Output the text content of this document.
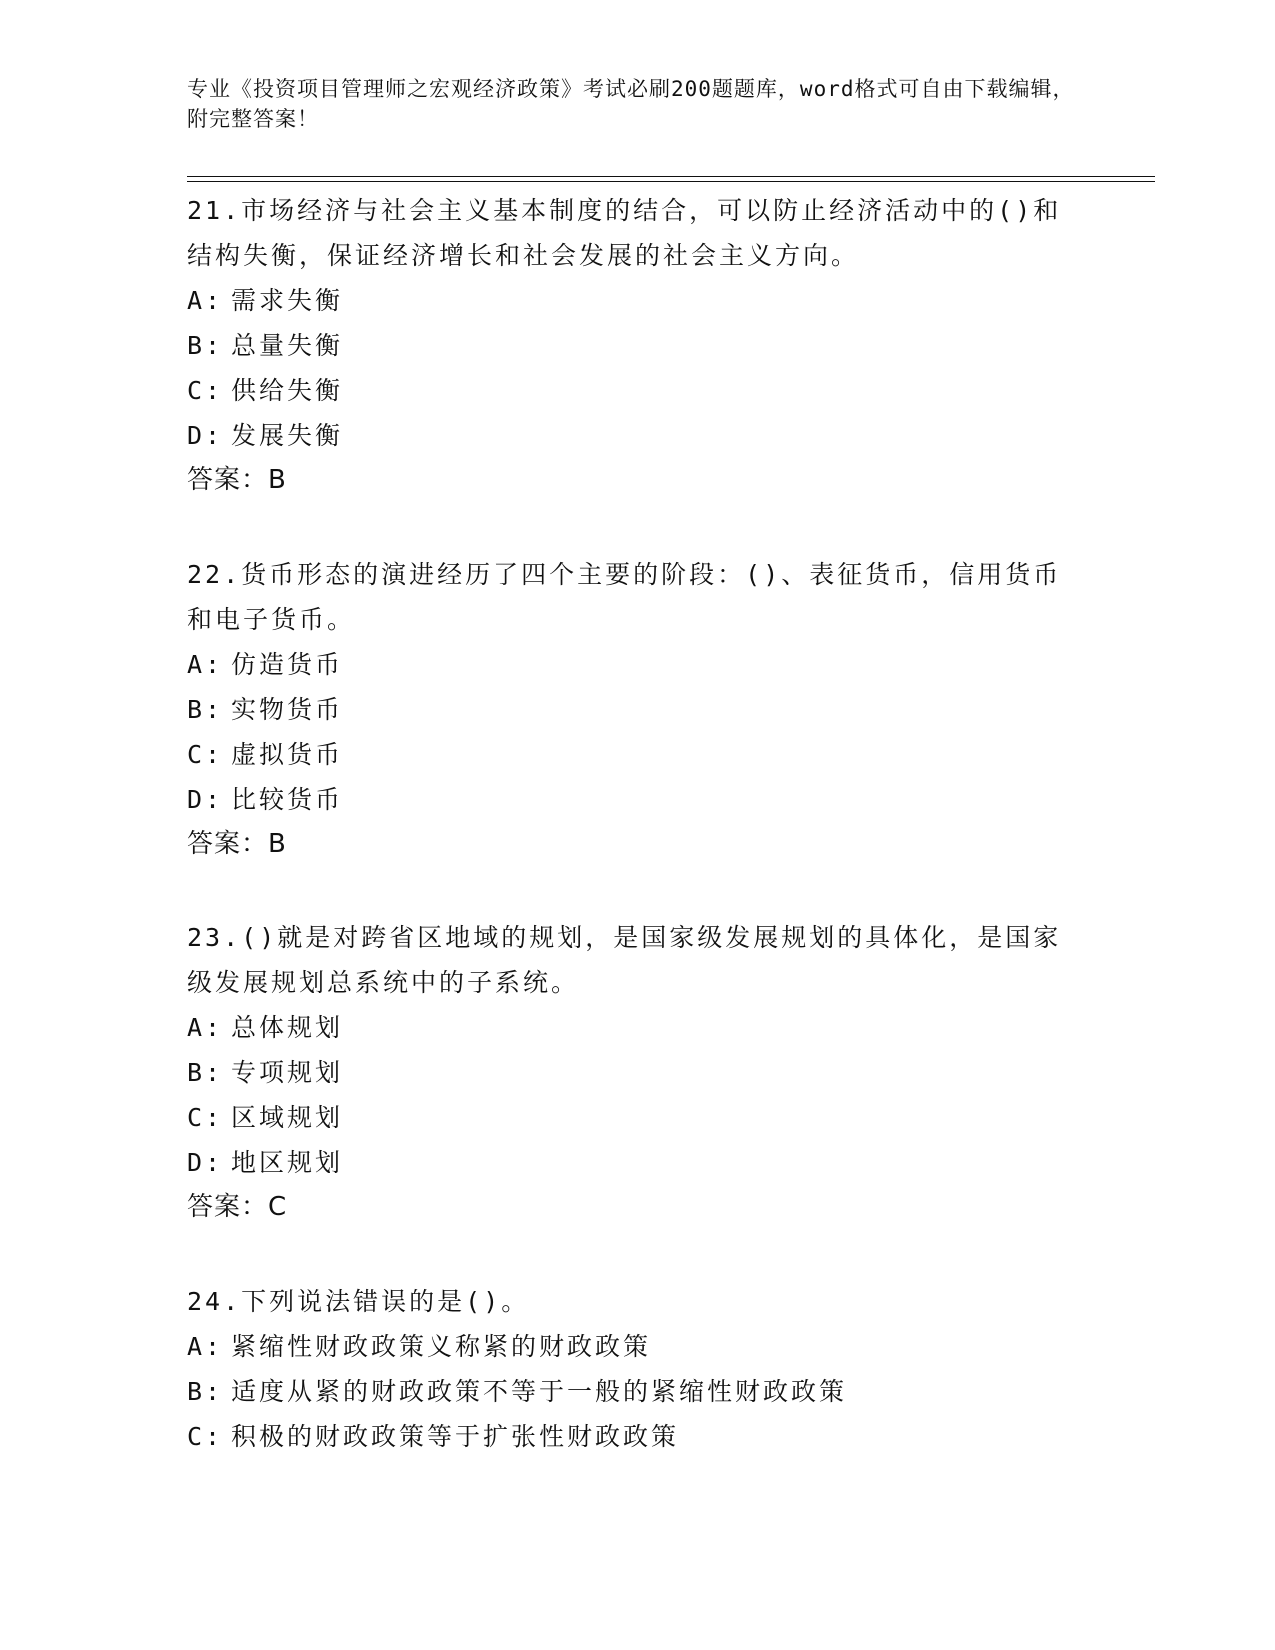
专业《投资项目管理师之宏观经济政策》考试必刷200题题库，word格式可自由下载编辑，附完整答案！

21.市场经济与社会主义基本制度的结合，可以防止经济活动中的()和结构失衡，保证经济增长和社会发展的社会主义方向。

A: 需求失衡

B: 总量失衡

C: 供给失衡

D: 发展失衡

答案：B

22.货币形态的演进经历了四个主要的阶段：()、表征货币，信用货币和电子货币。

A: 仿造货币

B: 实物货币

C: 虚拟货币

D: 比较货币

答案：B

23.()就是对跨省区地域的规划，是国家级发展规划的具体化，是国家级发展规划总系统中的子系统。

A: 总体规划

B: 专项规划

C: 区域规划

D: 地区规划

答案：C

24.下列说法错误的是()。

A: 紧缩性财政政策义称紧的财政政策

B: 适度从紧的财政政策不等于一般的紧缩性财政政策

C: 积极的财政政策等于扩张性财政政策
